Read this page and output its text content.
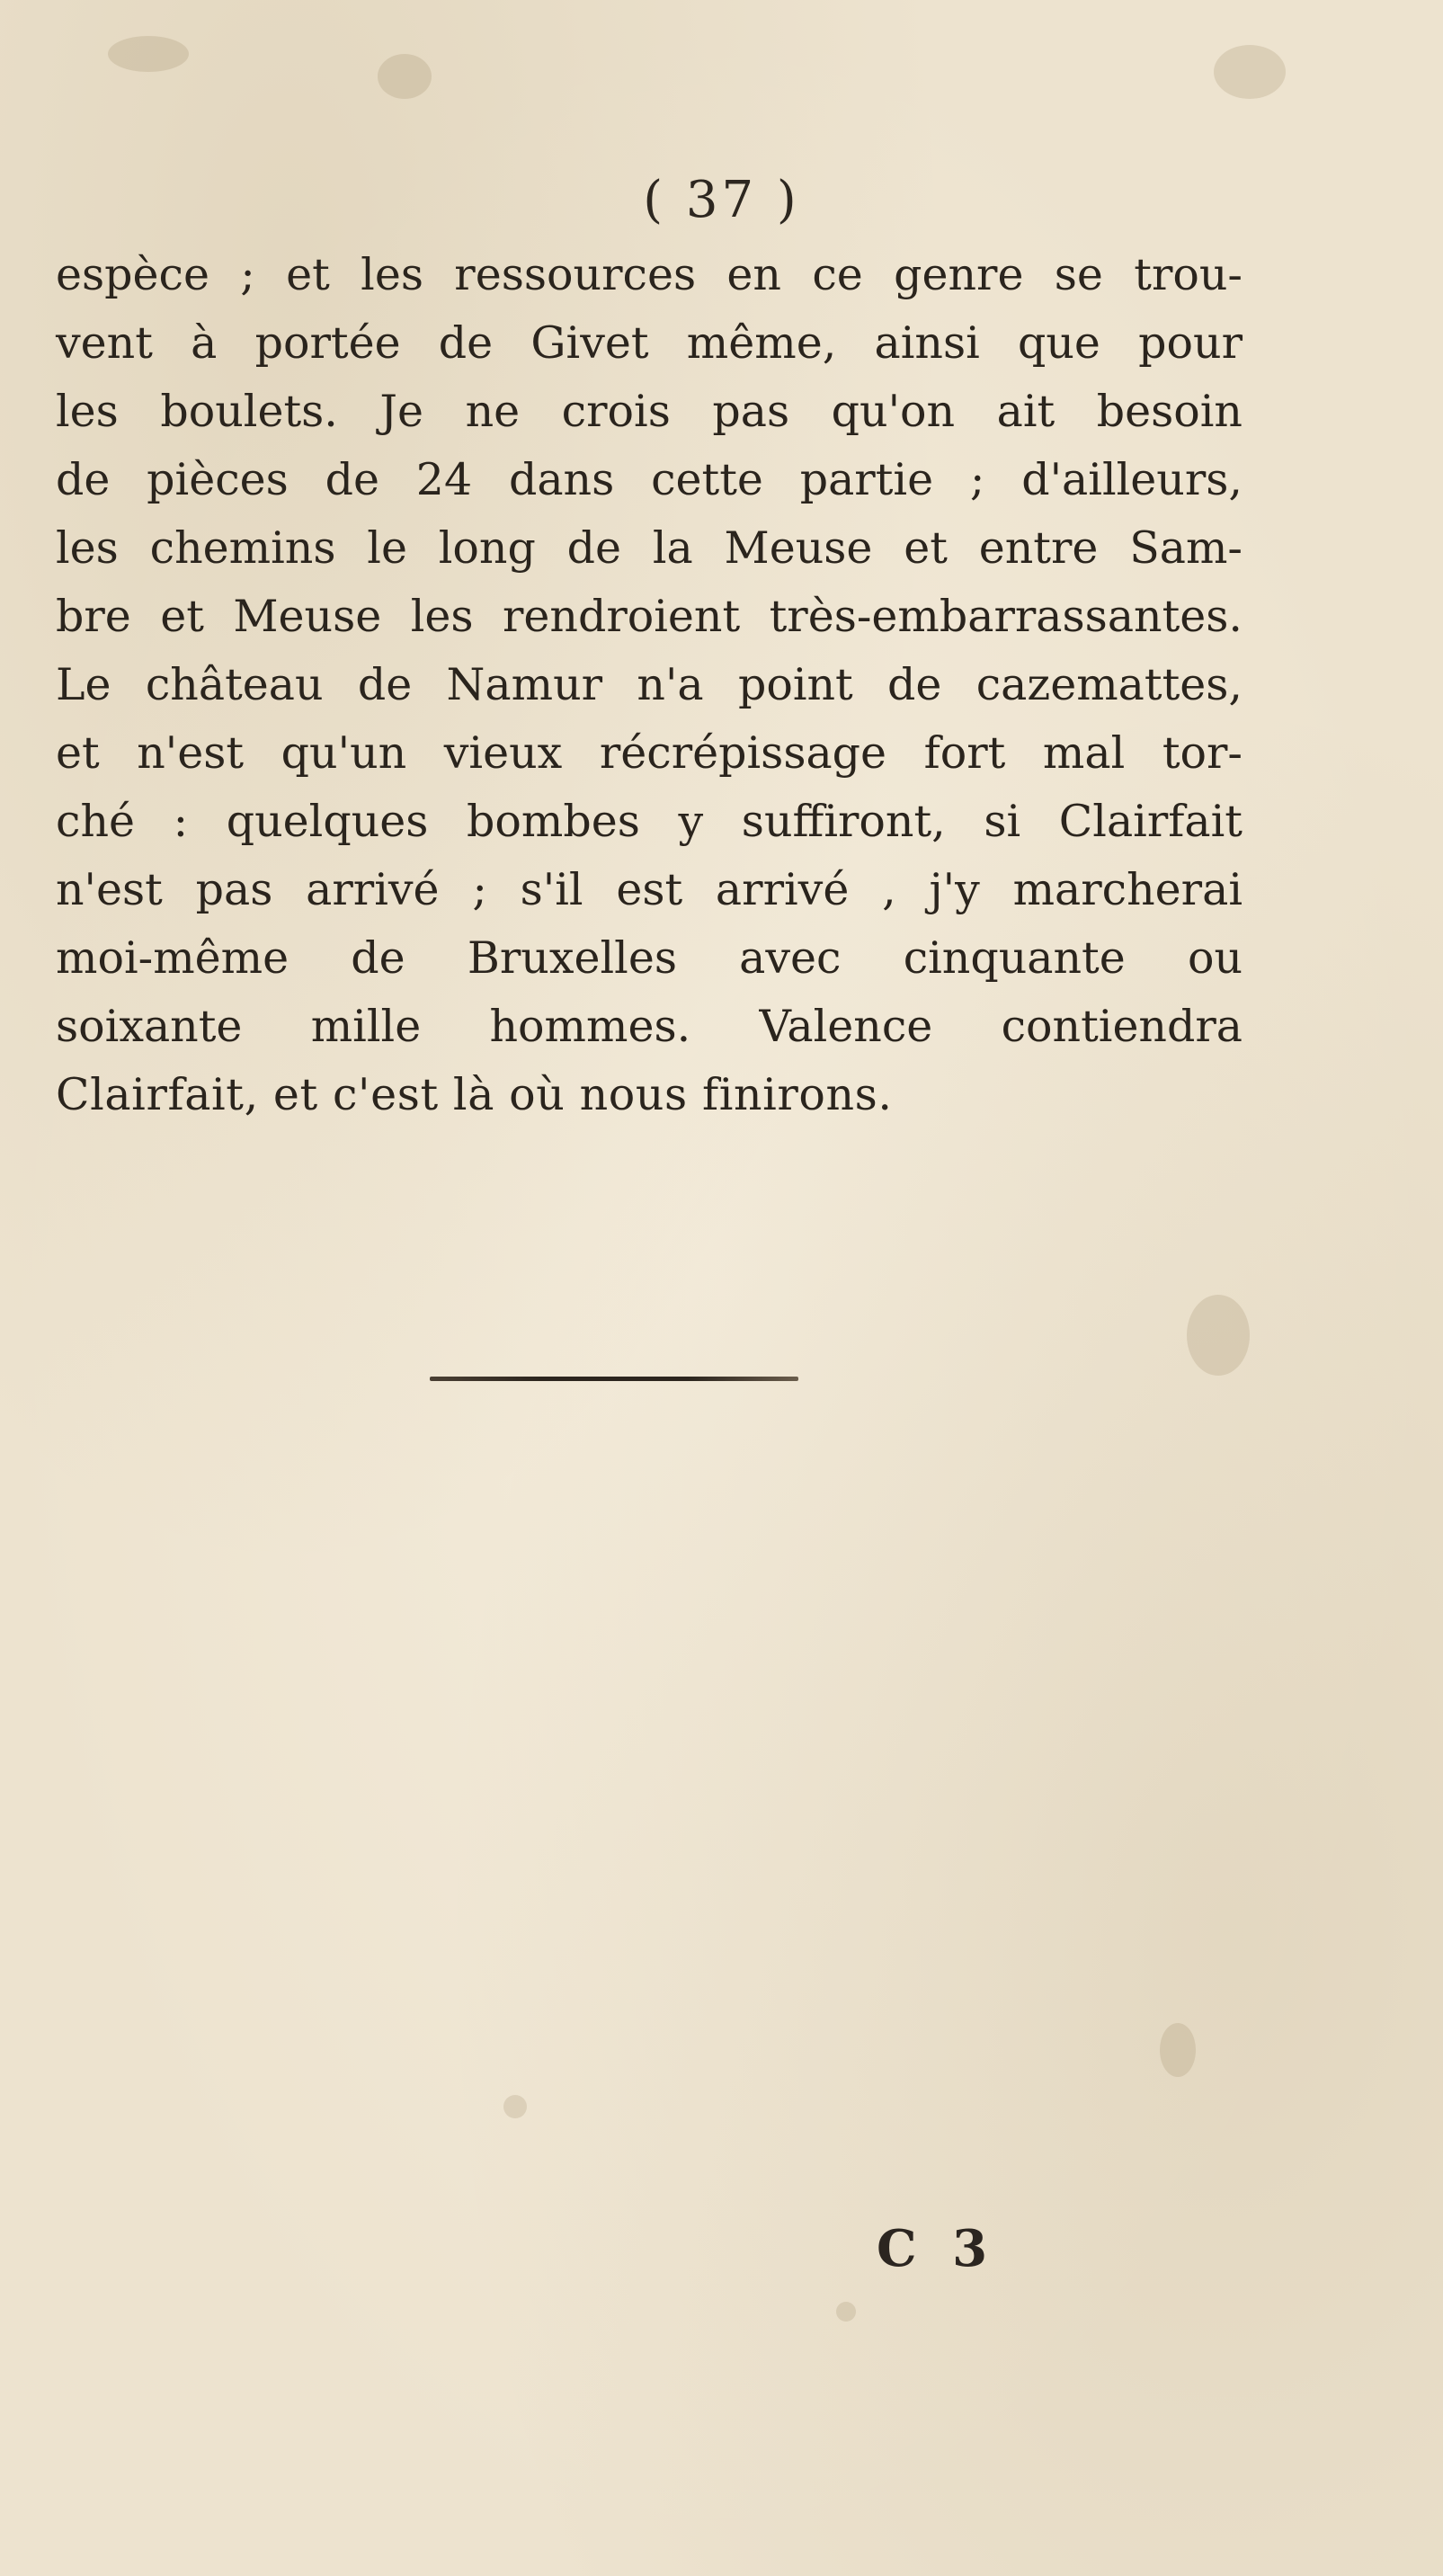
( 37 )
espèce ; et les ressources en ce genre se trou-
vent à portée de Givet même, ainsi que pour
les boulets. Je ne crois pas qu'on ait besoin
de pièces de 24 dans cette partie ; d'ailleurs,
les chemins le long de la Meuse et entre Sam-
bre et Meuse les rendroient très-embarrassantes.
Le château de Namur n'a point de cazemattes,
et n'est qu'un vieux récrépissage fort mal tor-
ché : quelques bombes y suffiront, si Clairfait
n'est pas arrivé ; s'il est arrivé , j'y marcherai
moi-même de Bruxelles avec cinquante ou
soixante mille hommes. Valence contiendra
Clairfait, et c'est là où nous finirons.
C 3
